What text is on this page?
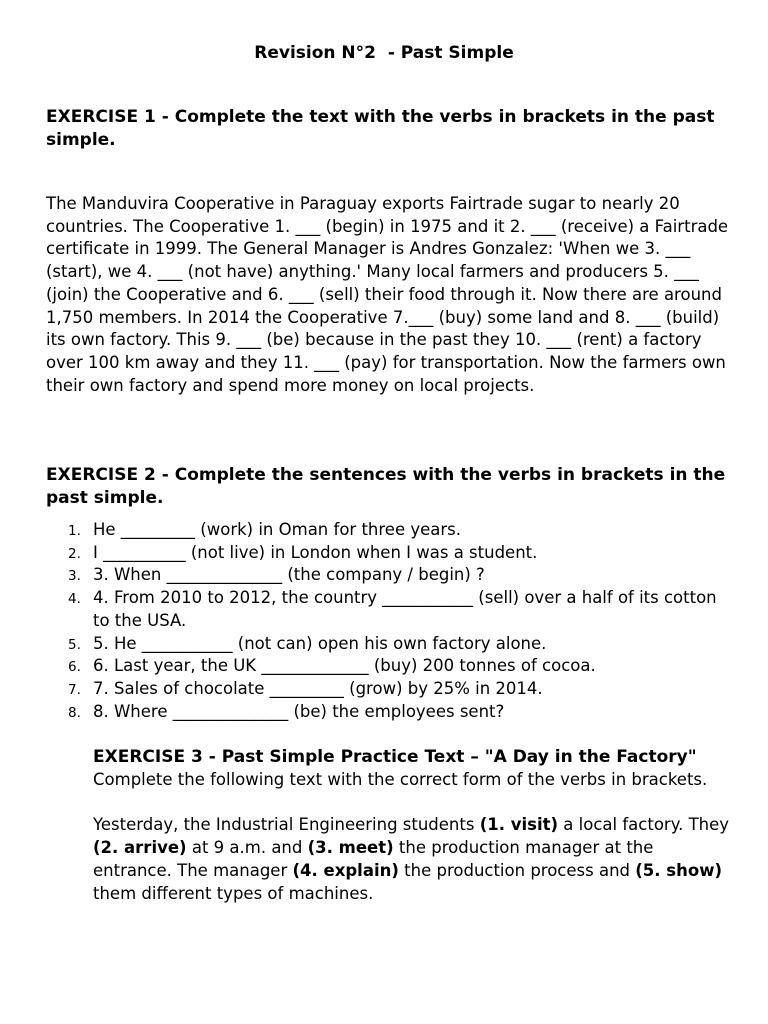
Revision N°2  - Past Simple

EXERCISE 1 - Complete the text with the verbs in brackets in the past simple.

The Manduvira Cooperative in Paraguay exports Fairtrade sugar to nearly 20 countries. The Cooperative 1. ___ (begin) in 1975 and it 2. ___ (receive) a Fairtrade certificate in 1999. The General Manager is Andres Gonzalez: 'When we 3. ___ (start), we 4. ___ (not have) anything.' Many local farmers and producers 5. ___ (join) the Cooperative and 6. ___ (sell) their food through it. Now there are around 1,750 members. In 2014 the Cooperative 7.___ (buy) some land and 8. ___ (build) its own factory. This 9. ___ (be) because in the past they 10. ___ (rent) a factory over 100 km away and they 11. ___ (pay) for transportation. Now the farmers own their own factory and spend more money on local projects.

EXERCISE 2 - Complete the sentences with the verbs in brackets in the past simple.

1. He _________ (work) in Oman for three years.
2. I __________ (not live) in London when I was a student.
3. 3. When ______________ (the company / begin) ?
4. 4. From 2010 to 2012, the country ___________ (sell) over a half of its cotton to the USA.
5. 5. He ___________ (not can) open his own factory alone.
6. 6. Last year, the UK _____________ (buy) 200 tonnes of cocoa.
7. 7. Sales of chocolate _________ (grow) by 25% in 2014.
8. 8. Where ______________ (be) the employees sent?

EXERCISE 3 - Past Simple Practice Text – "A Day in the Factory"

Complete the following text with the correct form of the verbs in brackets.

Yesterday, the Industrial Engineering students (1. visit) a local factory. They (2. arrive) at 9 a.m. and (3. meet) the production manager at the entrance. The manager (4. explain) the production process and (5. show) them different types of machines.
